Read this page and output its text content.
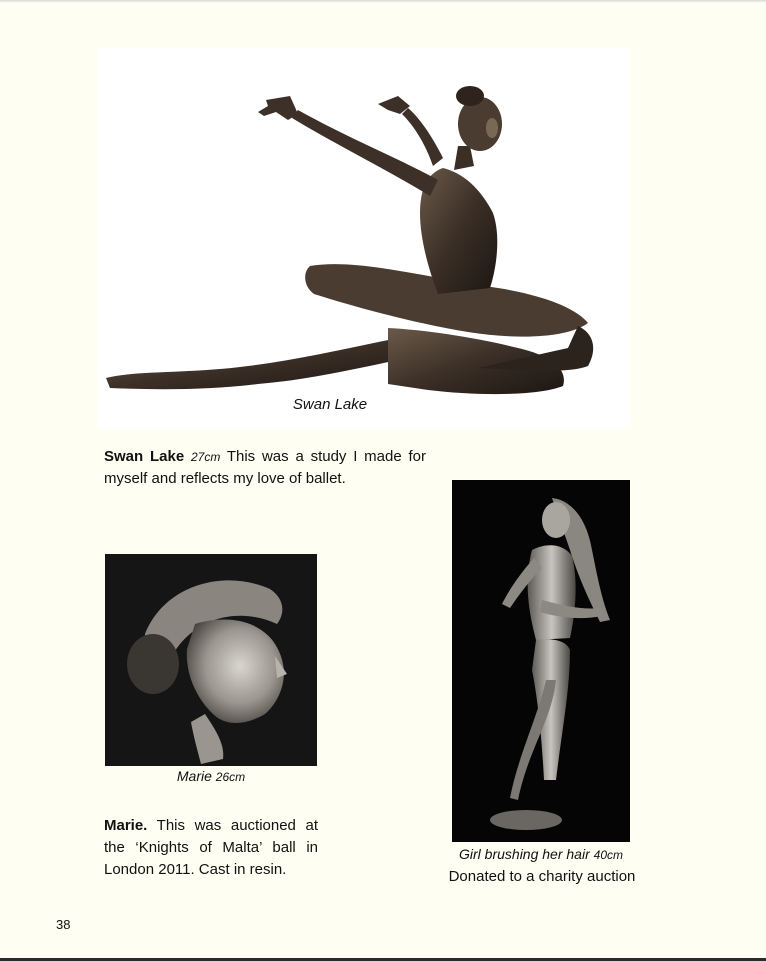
Swan Lake
Swan Lake 27cm This was a study I made for myself and reflects my love of ballet.
Marie 26cm
Marie. This was auctioned at the ‘Knights of Malta’ ball in London 2011. Cast in resin.
Girl brushing her hair 40cm
Donated to a charity auction
38
